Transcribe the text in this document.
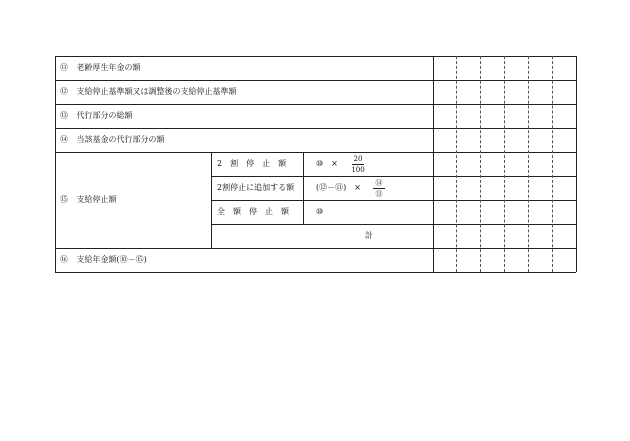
⑪ 老齢厚生年金の額
⑫ 支給停止基準額又は調整後の支給停止基準額
⑬ 代行部分の総額
⑭ 当該基金の代行部分の額
⑮ 支給停止額
⑯ 支給年金額(⑩－⑮)
2　割　停　止　額
2割停止に追加する額
全　額　停　止　額
⑩　×	20
100
(⑫－⑪)　×	⑭
⑬
⑩
計
